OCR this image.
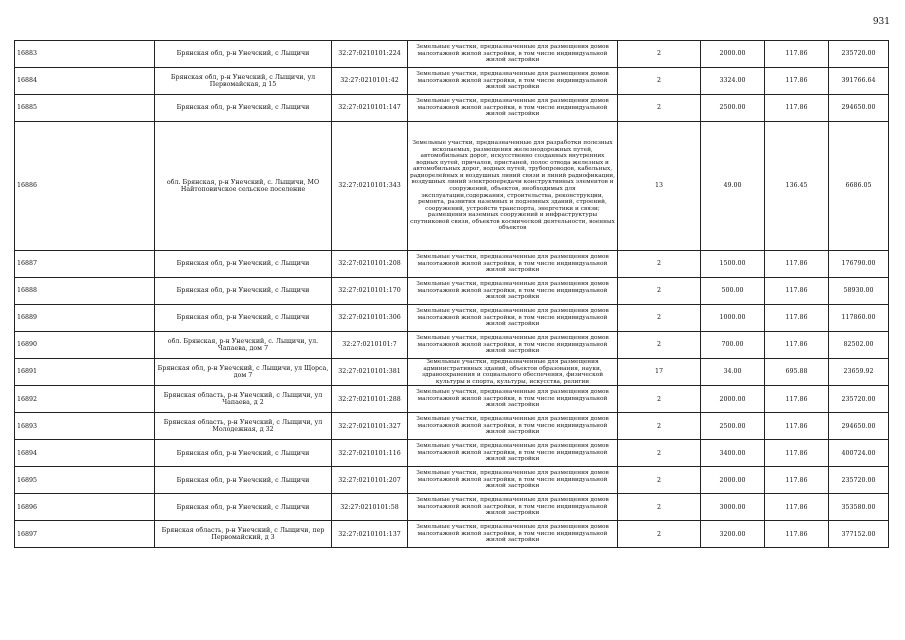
931
16883	Брянская обл, р-н Унечский, с Лыщичи	32:27:0210101:224	Земельные участки, предназначенные для размещения домов малоэтажной жилой застройки, в том числе индивидуальной жилой застройки	2	2000.00	117.86	235720.00
16884	Брянская обл, р-н Унечский, с Лыщичи, ул Первомайская, д 15	32:27:0210101:42	Земельные участки, предназначенные для размещения домов малоэтажной жилой застройки, в том числе индивидуальной жилой застройки	2	3324.00	117.86	391766.64
16885	Брянская обл, р-н Унечский, с Лыщичи	32:27:0210101:147	Земельные участки, предназначенные для размещения домов малоэтажной жилой застройки, в том числе индивидуальной жилой застройки	2	2500.00	117.86	294650.00
16886	обл. Брянская, р-н Унечский, с. Лыщичи, МО Найтоповичское сельское поселение	32:27:0210101:343	Земельные участки, предназначенные для разработки полезных ископаемых, размещения железнодорожных путей, автомобильных дорог, искусственно созданных внутренних водных путей, причалов, пристаней, полос отвода железных и автомобильных дорог, водных путей, трубопроводов, кабельных, радиорелейных и воздушных линий связи и линий радиофикации, воздушных линий электропередачи конструктивных элементов и сооружений, объектов, необходимых для эксплуатации,содержания, строительства, реконструкции, ремонта, развития наземных и подземных зданий, строений, сооружений, устройств транспорта, энергетики и связи; размещения наземных сооружений и инфраструктуры спутниковой связи, объектов космической деятельности, военных объектов	13	49.00	136.45	6686.05
16887	Брянская обл, р-н Унечский, с Лыщичи	32:27:0210101:208	Земельные участки, предназначенные для размещения домов малоэтажной жилой застройки, в том числе индивидуальной жилой застройки	2	1500.00	117.86	176790.00
16888	Брянская обл, р-н Унечский, с Лыщичи	32:27:0210101:170	Земельные участки, предназначенные для размещения домов малоэтажной жилой застройки, в том числе индивидуальной жилой застройки	2	500.00	117.86	58930.00
16889	Брянская обл, р-н Унечский, с Лыщичи	32:27:0210101:306	Земельные участки, предназначенные для размещения домов малоэтажной жилой застройки, в том числе индивидуальной жилой застройки	2	1000.00	117.86	117860.00
16890	обл. Брянская, р-н Унечский, с. Лыщичи, ул. Чапаева, дом 7	32:27:0210101:7	Земельные участки, предназначенные для размещения домов малоэтажной жилой застройки, в том числе индивидуальной жилой застройки	2	700.00	117.86	82502.00
16891	Брянская обл, р-н Унечский, с Лыщичи, ул Щорса, дом 7	32:27:0210101:381	Земельные участки, предназначенные для размещения административных зданий, объектов образования, науки, здравоохранения и социального обеспечения, физической культуры и спорта, культуры, искусства, религии	17	34.00	695.88	23659.92
16892	Брянская область, р-н Унечский, с Лыщичи, ул Чапаева, д 2	32:27:0210101:288	Земельные участки, предназначенные для размещения домов малоэтажной жилой застройки, в том числе индивидуальной жилой застройки	2	2000.00	117.86	235720.00
16893	Брянская область, р-н Унечский, с Лыщичи, ул Молодежная, д 32	32:27:0210101:327	Земельные участки, предназначенные для размещения домов малоэтажной жилой застройки, в том числе индивидуальной жилой застройки	2	2500.00	117.86	294650.00
16894	Брянская обл, р-н Унечский, с Лыщичи	32:27:0210101:116	Земельные участки, предназначенные для размещения домов малоэтажной жилой застройки, в том числе индивидуальной жилой застройки	2	3400.00	117.86	400724.00
16895	Брянская обл, р-н Унечский, с Лыщичи	32:27:0210101:207	Земельные участки, предназначенные для размещения домов малоэтажной жилой застройки, в том числе индивидуальной жилой застройки	2	2000.00	117.86	235720.00
16896	Брянская обл, р-н Унечский, с Лыщичи	32:27:0210101:58	Земельные участки, предназначенные для размещения домов малоэтажной жилой застройки, в том числе индивидуальной жилой застройки	2	3000.00	117.86	353580.00
16897	Брянская область, р-н Унечский, с Лыщичи, пер Первомайский, д 3	32:27:0210101:137	Земельные участки, предназначенные для размещения домов малоэтажной жилой застройки, в том числе индивидуальной жилой застройки	2	3200.00	117.86	377152.00
